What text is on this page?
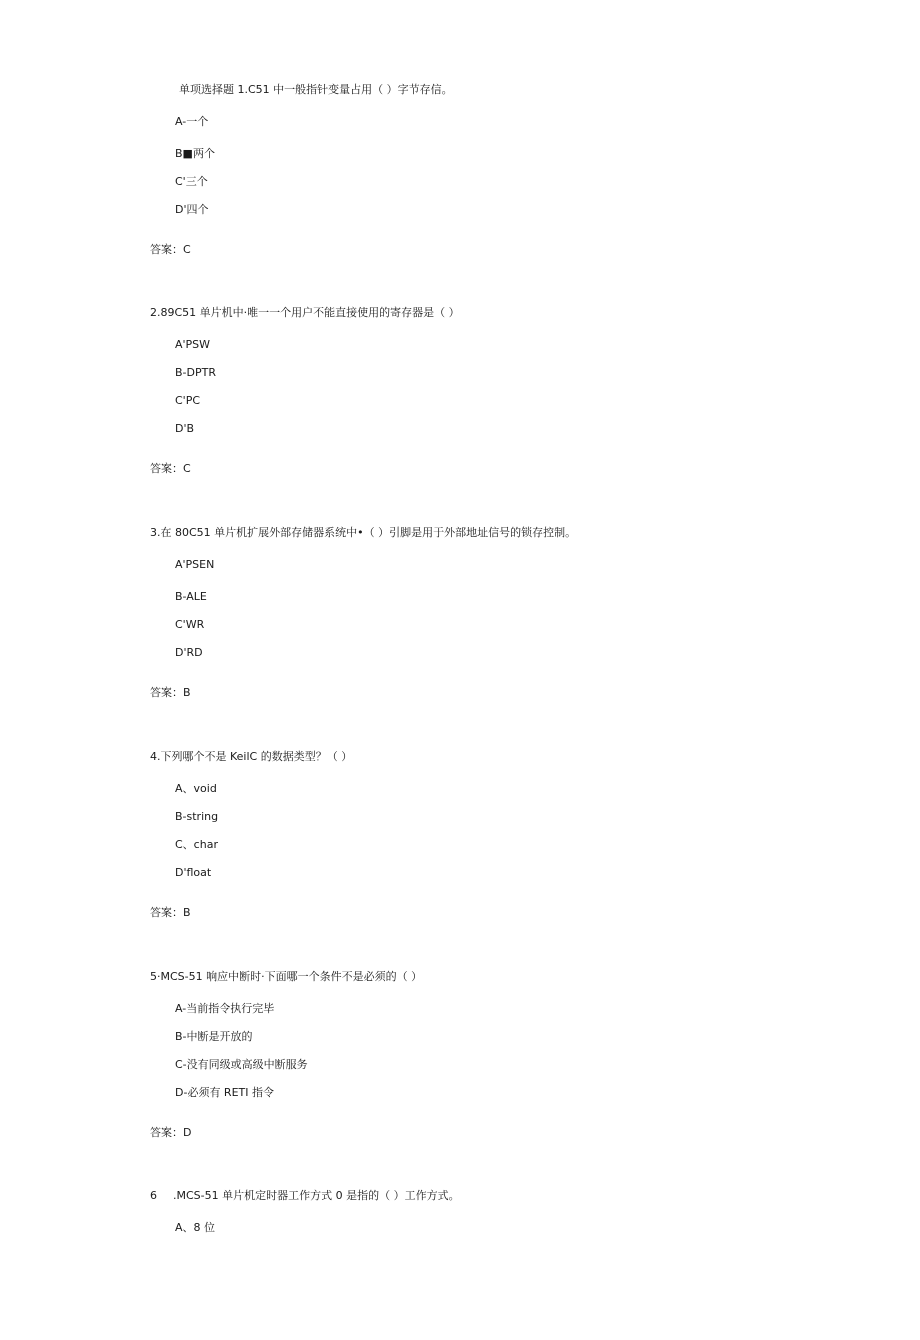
单项选择题 1.C51 中一般指针变量占用（ ）字节存信。
A-一个
B■两个
C'三个
D'四个
答案：C
2.89C51 单片机中·唯一一个用户不能直接使用的寄存器是（ ）
A'PSW
B-DPTR
C'PC
D'B
答案：C
3.在 80C51 单片机扩展外部存储器系统中•（ ）引脚是用于外部地址信号的锁存控制。
A'PSEN
B-ALE
C'WR
D'RD
答案：B
4.下列哪个不是 KeilC 的数据类型？（ ）
A、void
B-string
C、char
D'float
答案：B
5·MCS-51 响应中断时·下面哪一个条件不是必须的（ ）
A-当前指令执行完毕
B-中断是开放的
C-没有同级或高级中断服务
D-必须有 RETI 指令
答案：D
6 .MCS-51 单片机定时器工作方式 0 是指的（ ）工作方式。
A、8 位
